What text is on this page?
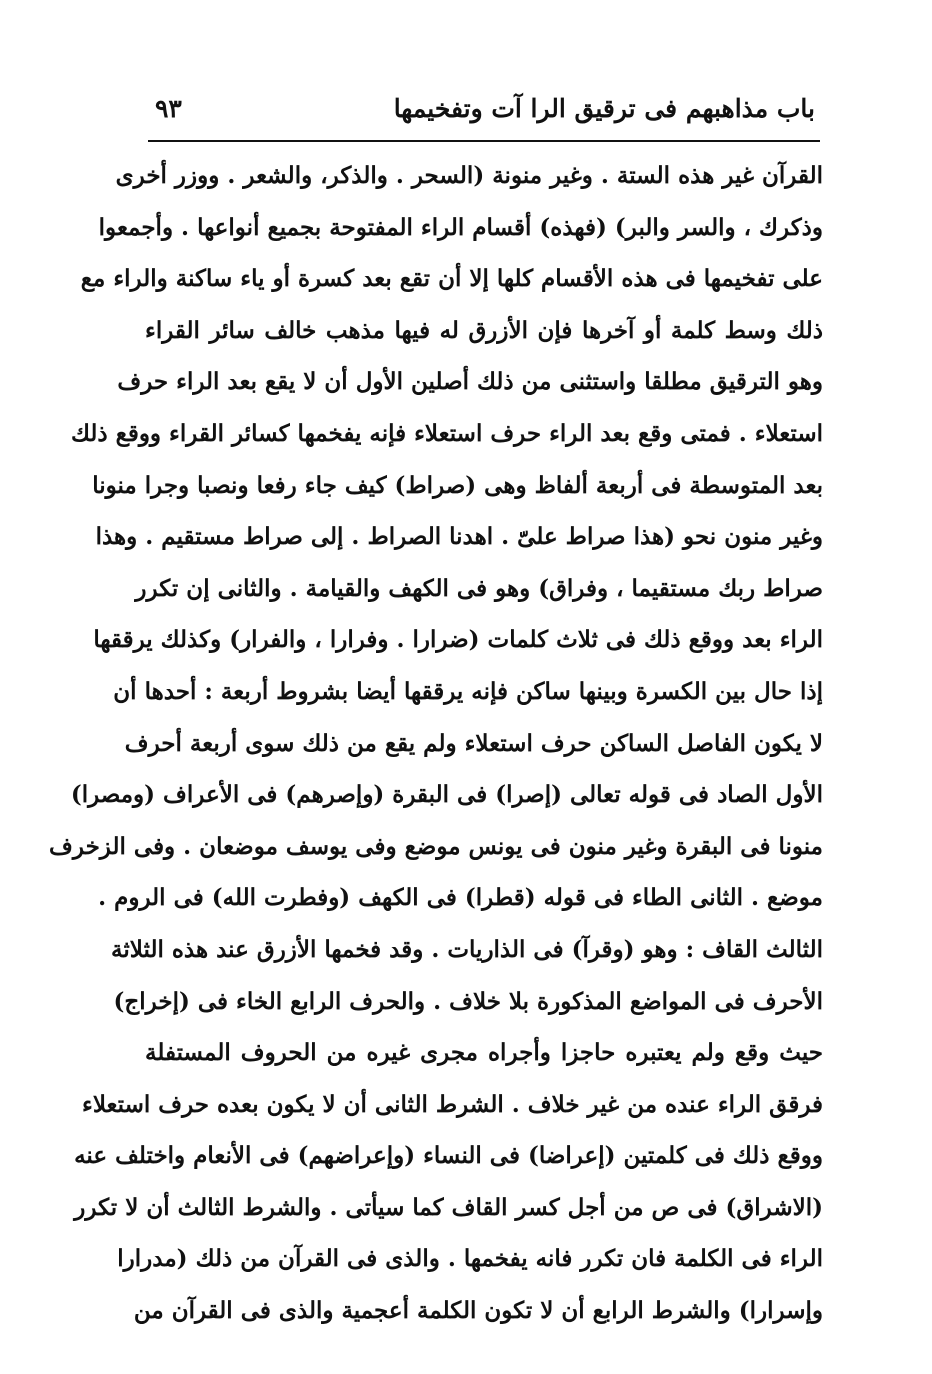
باب مذاهبهم فى ترقيق الرا آت وتفخيمها
٩٣
القرآن غير هذه الستة . وغير منونة (السحر . والذكر، والشعر . ووزر أخرى
وذكرك ، والسر والبر) (فهذه) أقسام الراء المفتوحة بجميع أنواعها . وأجمعوا
على تفخيمها فى هذه الأقسام كلها إلا أن تقع بعد كسرة أو ياء ساكنة والراء مع
ذلك وسط كلمة أو آخرها فإن الأزرق له فيها مذهب خالف سائر القراء
وهو الترقيق مطلقا واستثنى من ذلك أصلين الأول أن لا يقع بعد الراء حرف
استعلاء . فمتى وقع بعد الراء حرف استعلاء فإنه يفخمها كسائر القراء ووقع ذلك
بعد المتوسطة فى أربعة ألفاظ وهى (صراط) كيف جاء رفعا ونصبا وجرا منونا
وغير منون نحو (هذا صراط علىّ . اهدنا الصراط . إلى صراط مستقيم . وهذا
صراط ربك مستقيما ، وفراق) وهو فى الكهف والقيامة . والثانى إن تكرر
الراء بعد ووقع ذلك فى ثلاث كلمات (ضرارا . وفرارا ، والفرار) وكذلك يرققها
إذا حال بين الكسرة وبينها ساكن فإنه يرققها أيضا بشروط أربعة : أحدها أن
لا يكون الفاصل الساكن حرف استعلاء ولم يقع من ذلك سوى أربعة أحرف
الأول الصاد فى قوله تعالى (إصرا) فى البقرة (وإصرهم) فى الأعراف (ومصرا)
منونا فى البقرة وغير منون فى يونس موضع وفى يوسف موضعان . وفى الزخرف
موضع . الثانى الطاء فى قوله (قطرا) فى الكهف (وفطرت الله) فى الروم .
الثالث القاف : وهو (وقرآ) فى الذاريات . وقد فخمها الأزرق عند هذه الثلاثة
الأحرف فى المواضع المذكورة بلا خلاف . والحرف الرابع الخاء فى (إخراج)
حيث وقع ولم يعتبره حاجزا وأجراه مجرى غيره من الحروف المستفلة
فرقق الراء عنده من غير خلاف . الشرط الثانى أن لا يكون بعده حرف استعلاء
ووقع ذلك فى كلمتين (إعراضا) فى النساء (وإعراضهم) فى الأنعام واختلف عنه
(الاشراق) فى ص من أجل كسر القاف كما سيأتى . والشرط الثالث أن لا تكرر
الراء فى الكلمة فان تكرر فانه يفخمها . والذى فى القرآن من ذلك (مدرارا
وإسرارا) والشرط الرابع أن لا تكون الكلمة أعجمية والذى فى القرآن من
